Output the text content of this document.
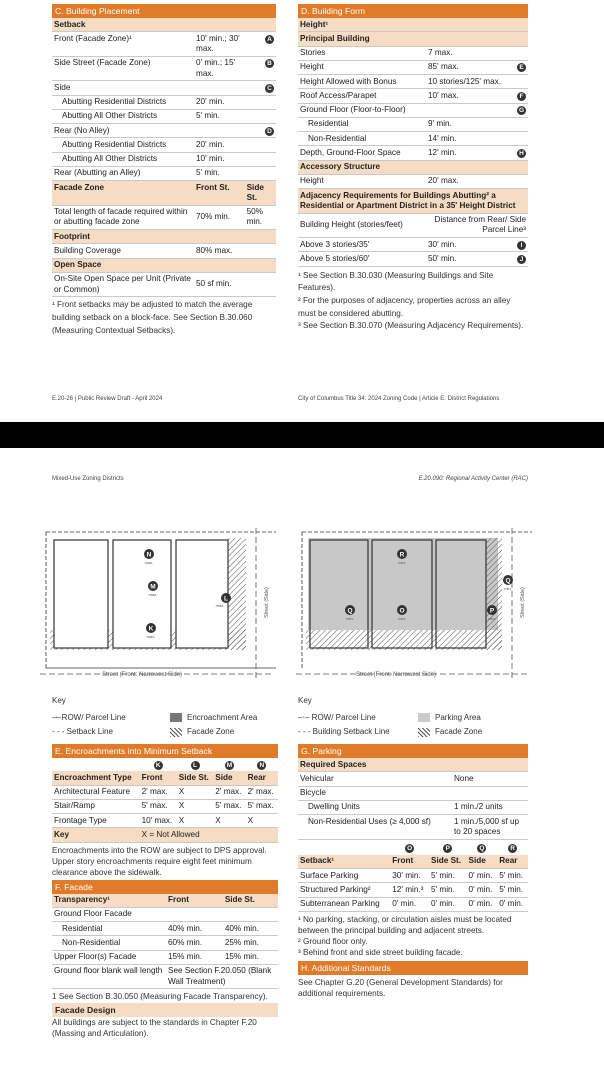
C. Building Placement
Setback		
Front (Facade Zone)¹	10' min.; 30' max.	A
Side Street (Facade Zone)	0' min.; 15' max.	B
Side		C
Abutting Residential Districts	20' min.	
Abutting All Other Districts	5' min.	
Rear (No Alley)		D
Abutting Residential Districts	20' min.	
Abutting All Other Districts	10' min.	
Rear (Abutting an Alley)	5' min.	
Facade Zone	Front St.	Side St.
Total length of facade required within or abutting facade zone	70% min.	50% min.
Footprint		
Building Coverage	80% max.	
Open Space		
On-Site Open Space per Unit (Private or Common)	50 sf min.	
¹ Front setbacks may be adjusted to match the average building setback on a block-face. See Section B.30.060 (Measuring Contextual Setbacks).
E.20-26 | Public Review Draft - April 2024
D. Building Form
Height¹		
Principal Building		
Stories	7 max.	
Height	85' max.	E
Height Allowed with Bonus	10 stories/125' max.	
Roof Access/Parapet	10' max.	F
Ground Floor (Floor-to-Floor)		G
Residential	9' min.	
Non-Residential	14' min.	
Depth, Ground-Floor Space	12' min.	H
Accessory Structure		
Height	20' max.	
Adjacency Requirements for Buildings Abutting² a Residential or Apartment District in a 35' Height District		
Building Height (stories/feet)	Distance from Rear/ Side Parcel Line³	
Above 3 stories/35'	30' min.	I
Above 5 stories/60'	50' min.	J
¹ See Section B.30.030 (Measuring Buildings and Site Features).
² For the purposes of adjacency, properties across an alley must be considered abutting.
³ See Section B.30.070 (Measuring Adjacency Requirements).
City of Columbus Title 34: 2024 Zoning Code | Article E: District Regulations
Mixed-Use Zoning Districts	E.20.090: Regional Activity Center (RAC)
N
M
L
K
max.
max.
max.
max.
Street (Side)
Street (Front: Narrowest Side)
R
Q	O	P
Q
min.
min.	min.	min.
min. Street (Side)
Street (Front: Narrowest Side)
Key
‒‧‒ ROW/ Parcel Line	Encroachment Area
- - - Setback Line	Facade Zone
Key
‒‧‒ ROW/ Parcel Line	Parking Area
- - - Building Setback Line	Facade Zone
E. Encroachments into Minimum Setback
	K	L	M	N
Encroachment Type	Front	Side St.	Side	Rear
Architectural Feature	2' max.	X	2' max.	2' max.
Stair/Ramp	5' max.	X	5' max.	5' max.
Frontage Type	10' max.	X	X	X
Key	X = Not Allowed			
Encroachments into the ROW are subject to DPS approval.
Upper story encroachments require eight feet minimum clearance above the sidewalk.
F. Facade
Transparency¹	Front	Side St.
Ground Floor Facade		
Residential	40% min.	40% min.
Non-Residential	60% min.	25% min.
Upper Floor(s) Facade	15% min.	15% min.
Ground floor blank wall length	See Section F.20.050 (Blank Wall Treatment)	
1 See Section B.30.050 (Measuring Facade Transparency).
Facade Design
All buildings are subject to the standards in Chapter F.20 (Massing and Articulation).
G. Parking
Required Spaces	
Vehicular	None
Bicycle	
Dwelling Units	1 min./2 units
Non-Residential Uses (≥ 4,000 sf)	1 min./5,000 sf up to 20 spaces
	O	P	Q	R
Setback¹	Front	Side St.	Side	Rear
Surface Parking	30' min.	5' min.	0' min.	5' min.
Structured Parking²	12' min.³	5' min.	0' min.	5' min.
Subterranean Parking	0' min.	0' min.	0' min.	0' min.
¹ No parking, stacking, or circulation aisles must be located between the principal building and adjacent streets.
² Ground floor only.
³ Behind front and side street building facade.
H. Additional Standards
See Chapter G.20 (General Development Standards) for additional requirements.
